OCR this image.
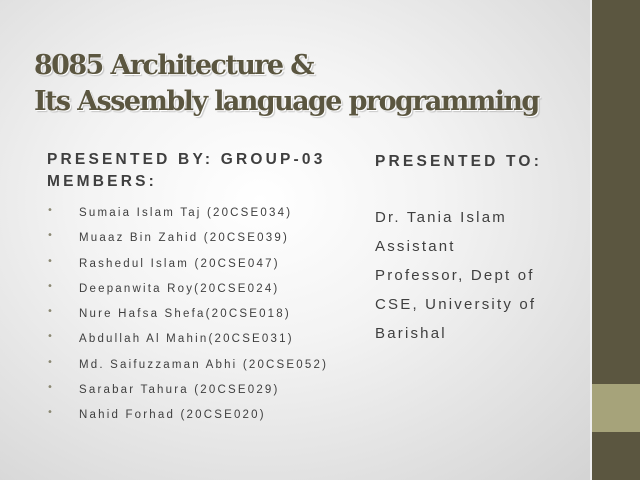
8085 Architecture &
Its Assembly language programming
PRESENTED BY: GROUP-03
MEMBERS:
• Sumaia Islam Taj (20CSE034)
• Muaaz Bin Zahid (20CSE039)
• Rashedul Islam (20CSE047)
• Deepanwita Roy(20CSE024)
• Nure Hafsa Shefa(20CSE018)
• Abdullah Al Mahin(20CSE031)
• Md. Saifuzzaman Abhi (20CSE052)
• Sarabar Tahura (20CSE029)
• Nahid Forhad (20CSE020)
PRESENTED TO:
Dr. Tania Islam
Assistant
Professor, Dept of
CSE, University of
Barishal
